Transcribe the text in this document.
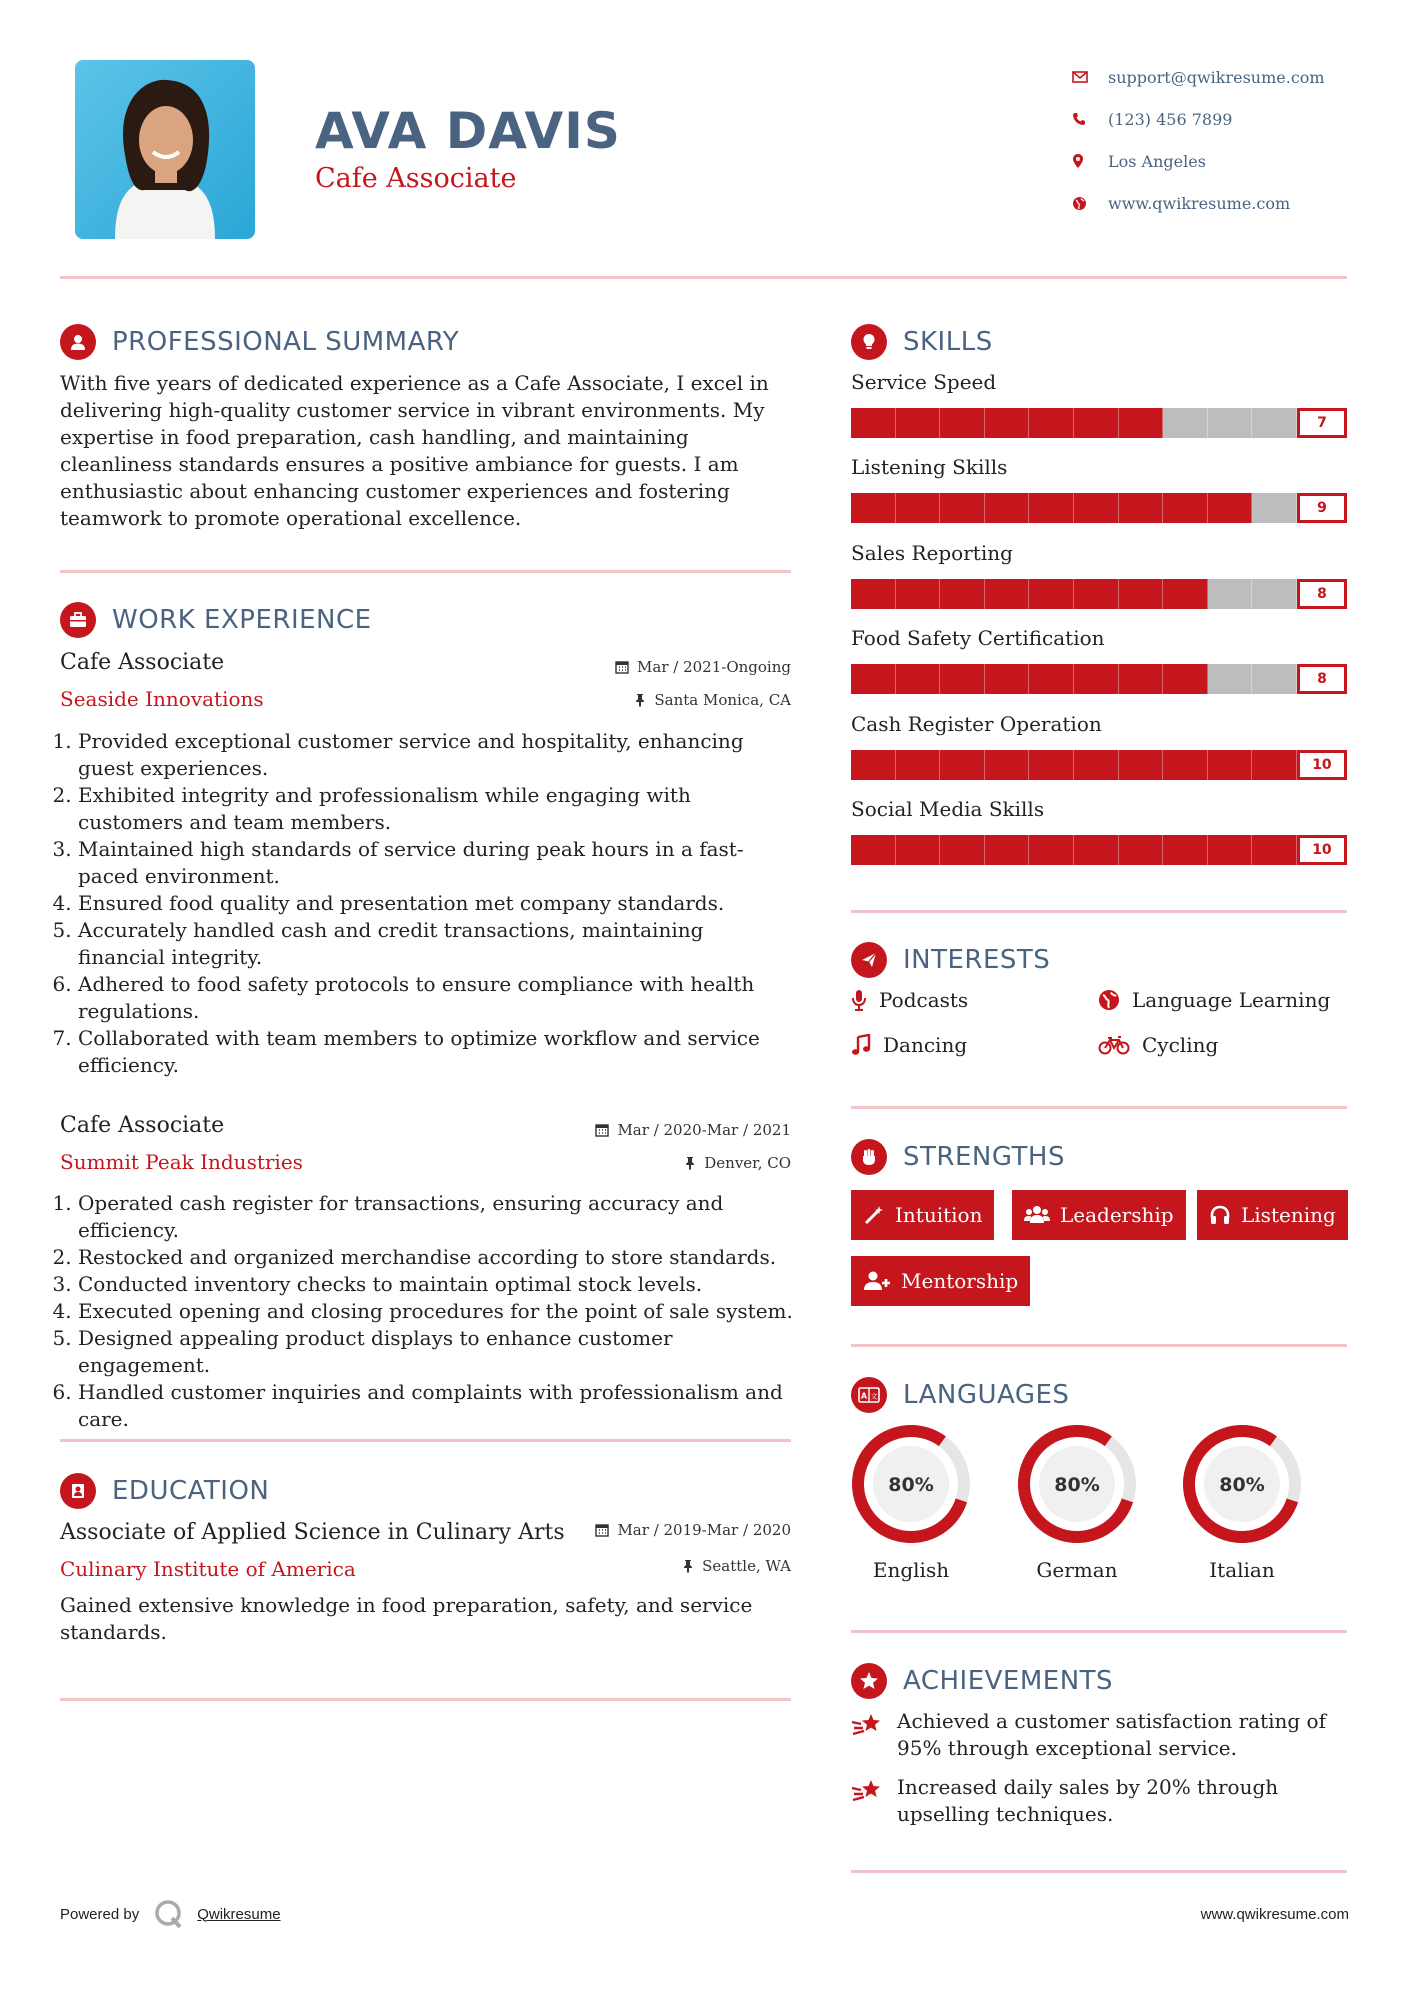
AVA DAVIS
Cafe Associate
support@qwikresume.com
(123) 456 7899
Los Angeles
www.qwikresume.com
PROFESSIONAL SUMMARY
With five years of dedicated experience as a Cafe Associate, I excel in delivering high-quality customer service in vibrant environments. My expertise in food preparation, cash handling, and maintaining cleanliness standards ensures a positive ambiance for guests. I am enthusiastic about enhancing customer experiences and fostering teamwork to promote operational excellence.
WORK EXPERIENCE
Cafe Associate	Mar / 2021-Ongoing
Seaside Innovations	Santa Monica, CA
1. Provided exceptional customer service and hospitality, enhancing guest experiences.
2. Exhibited integrity and professionalism while engaging with customers and team members.
3. Maintained high standards of service during peak hours in a fast-paced environment.
4. Ensured food quality and presentation met company standards.
5. Accurately handled cash and credit transactions, maintaining financial integrity.
6. Adhered to food safety protocols to ensure compliance with health regulations.
7. Collaborated with team members to optimize workflow and service efficiency.
Cafe Associate	Mar / 2020-Mar / 2021
Summit Peak Industries	Denver, CO
1. Operated cash register for transactions, ensuring accuracy and efficiency.
2. Restocked and organized merchandise according to store standards.
3. Conducted inventory checks to maintain optimal stock levels.
4. Executed opening and closing procedures for the point of sale system.
5. Designed appealing product displays to enhance customer engagement.
6. Handled customer inquiries and complaints with professionalism and care.
EDUCATION
Associate of Applied Science in Culinary Arts	Mar / 2019-Mar / 2020
Culinary Institute of America	Seattle, WA
Gained extensive knowledge in food preparation, safety, and service standards.
SKILLS
Service Speed
7
Listening Skills
9
Sales Reporting
8
Food Safety Certification
8
Cash Register Operation
10
Social Media Skills
10
INTERESTS
Podcasts	Language Learning
Dancing	Cycling
STRENGTHS
Intuition	Leadership	Listening
Mentorship
A 文 LANGUAGES
80%
English
80%
German
80%
Italian
ACHIEVEMENTS
Achieved a customer satisfaction rating of 95% through exceptional service.
Increased daily sales by 20% through upselling techniques.
Powered by	Qwikresume	www.qwikresume.com
